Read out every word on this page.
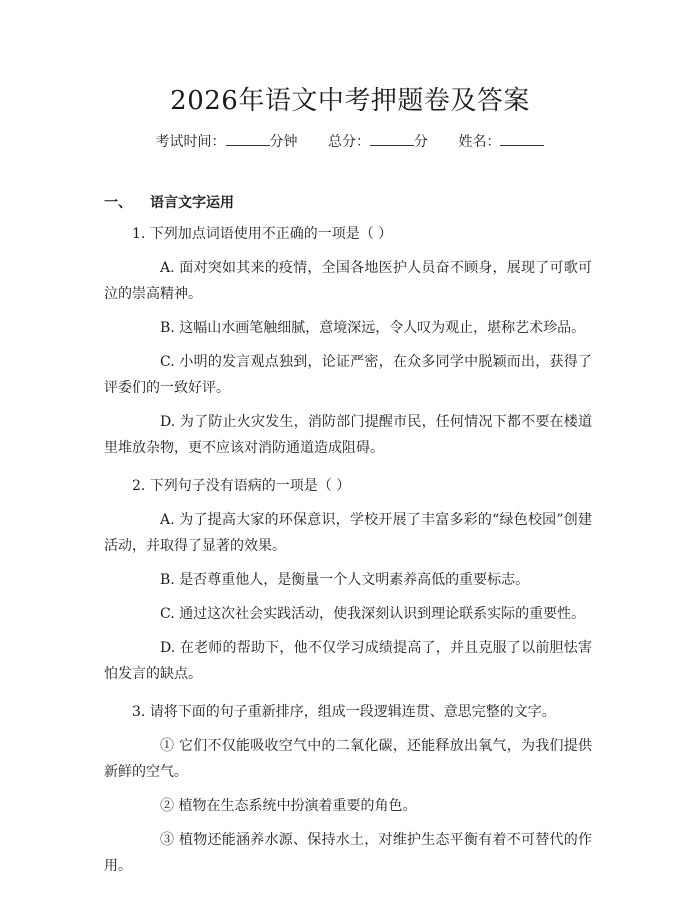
2026年语文中考押题卷及答案
考试时间：	分钟 总分：	分 姓名：
一、 语言文字运用

1. 下列加点词语使用不正确的一项是（ ）

A. 面对突如其来的疫情，全国各地医护人员奋不顾身，展现了可歌可泣的崇高精神。

B. 这幅山水画笔触细腻，意境深远，令人叹为观止，堪称艺术珍品。

C. 小明的发言观点独到，论证严密，在众多同学中脱颖而出，获得了评委们的一致好评。

D. 为了防止火灾发生，消防部门提醒市民，任何情况下都不要在楼道里堆放杂物，更不应该对消防通道造成阻碍。

2. 下列句子没有语病的一项是（ ）

A. 为了提高大家的环保意识，学校开展了丰富多彩的“绿色校园”创建活动，并取得了显著的效果。

B. 是否尊重他人，是衡量一个人文明素养高低的重要标志。

C. 通过这次社会实践活动，使我深刻认识到理论联系实际的重要性。

D. 在老师的帮助下，他不仅学习成绩提高了，并且克服了以前胆怯害怕发言的缺点。

3. 请将下面的句子重新排序，组成一段逻辑连贯、意思完整的文字。

① 它们不仅能吸收空气中的二氧化碳，还能释放出氧气，为我们提供新鲜的空气。

② 植物在生态系统中扮演着重要的角色。

③ 植物还能涵养水源、保持水土，对维护生态平衡有着不可替代的作用。
